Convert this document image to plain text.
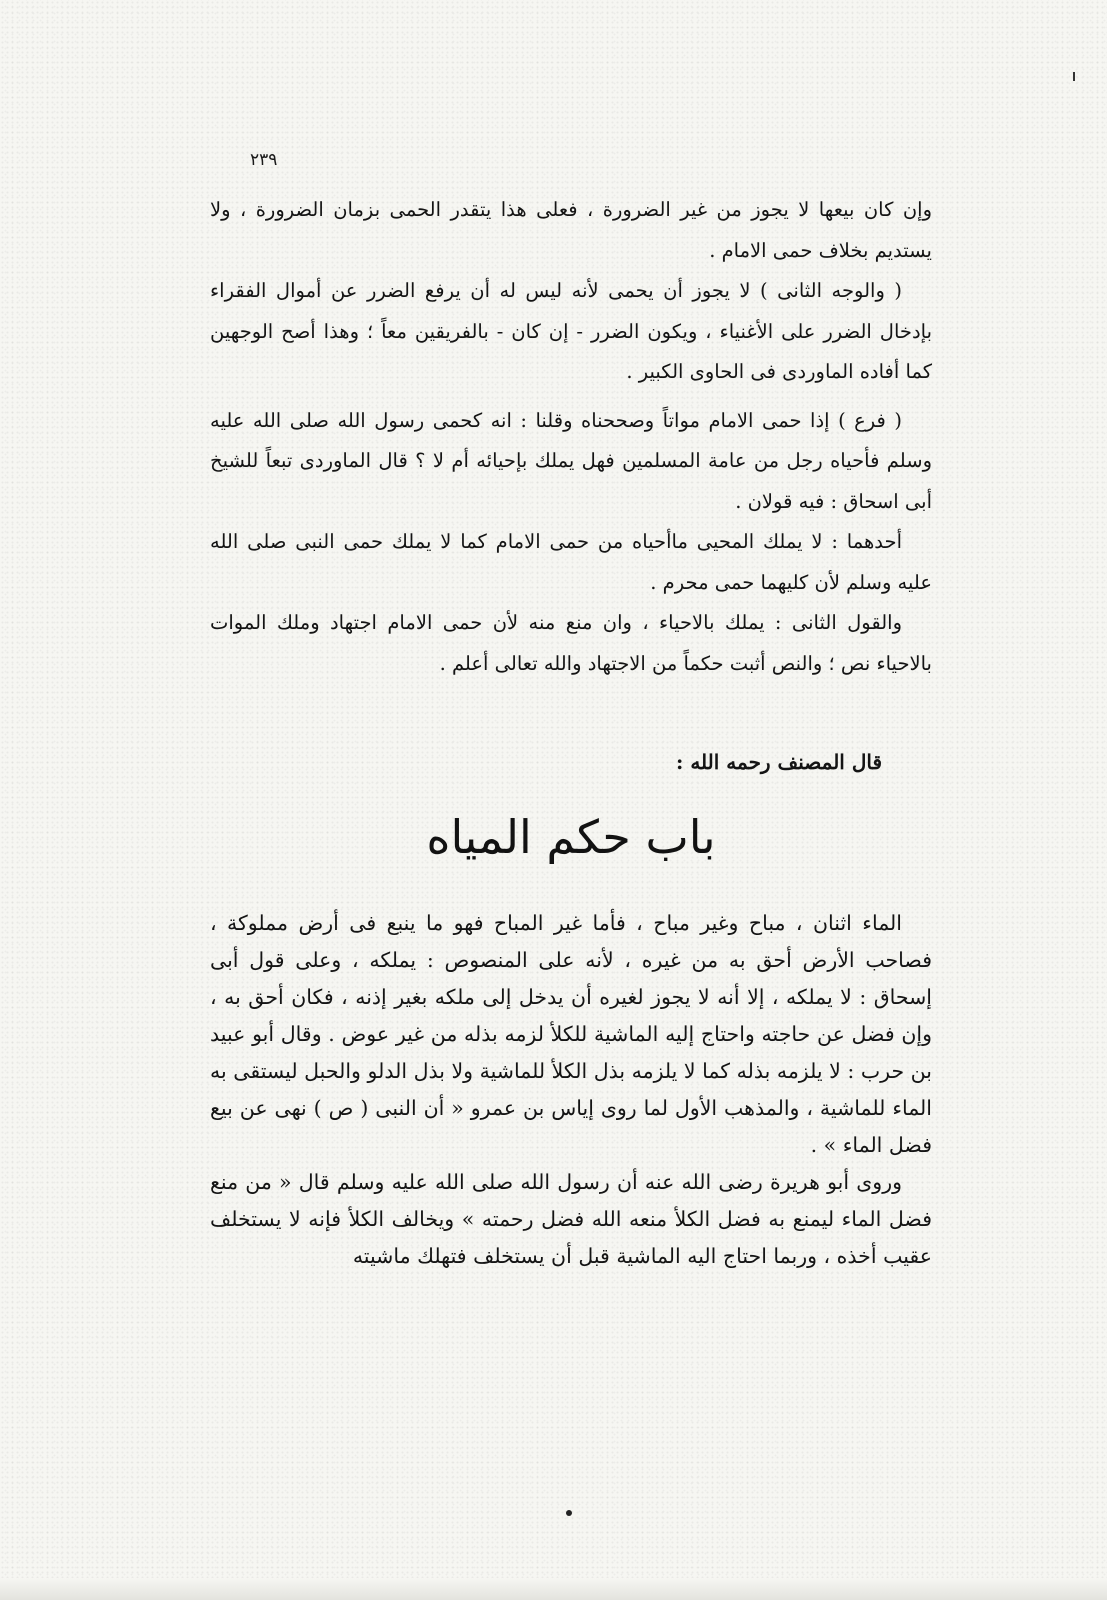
٢٣٩

وإن كان بيعها لا يجوز من غير الضرورة ، فعلى هذا يتقدر الحمى بزمان الضرورة ، ولا يستديم بخلاف حمى الامام .

( والوجه الثانى ) لا يجوز أن يحمى لأنه ليس له أن يرفع الضرر عن أموال الفقراء بإدخال الضرر على الأغنياء ، ويكون الضرر - إن كان - بالفريقين معاً ؛ وهذا أصح الوجهين كما أفاده الماوردى فى الحاوى الكبير .

( فرع ) إذا حمى الامام مواتاً وصححناه وقلنا : انه كحمى رسول الله صلى الله عليه وسلم فأحياه رجل من عامة المسلمين فهل يملك بإحيائه أم لا ؟ قال الماوردى تبعاً للشيخ أبى اسحاق : فيه قولان .

أحدهما : لا يملك المحيى ماأحياه من حمى الامام كما لا يملك حمى النبى صلى الله عليه وسلم لأن كليهما حمى محرم .

والقول الثانى : يملك بالاحياء ، وان منع منه لأن حمى الامام اجتهاد وملك الموات بالاحياء نص ؛ والنص أثبت حكماً من الاجتهاد والله تعالى أعلم .

قال المصنف رحمه الله :
باب حكم المياه

الماء اثنان ، مباح وغير مباح ، فأما غير المباح فهو ما ينبع فى أرض مملوكة ، فصاحب الأرض أحق به من غيره ، لأنه على المنصوص : يملكه ، وعلى قول أبى إسحاق : لا يملكه ، إلا أنه لا يجوز لغيره أن يدخل إلى ملكه بغير إذنه ، فكان أحق به ، وإن فضل عن حاجته واحتاج إليه الماشية للكلأ لزمه بذله من غير عوض . وقال أبو عبيد بن حرب : لا يلزمه بذله كما لا يلزمه بذل الكلأ للماشية ولا بذل الدلو والحبل ليستقى به الماء للماشية ، والمذهب الأول لما روى إياس بن عمرو « أن النبى ( ص ) نهى عن بيع فضل الماء » .

وروى أبو هريرة رضى الله عنه أن رسول الله صلى الله عليه وسلم قال « من منع فضل الماء ليمنع به فضل الكلأ منعه الله فضل رحمته » ويخالف الكلأ فإنه لا يستخلف عقيب أخذه ، وربما احتاج اليه الماشية قبل أن يستخلف فتهلك ماشيته
